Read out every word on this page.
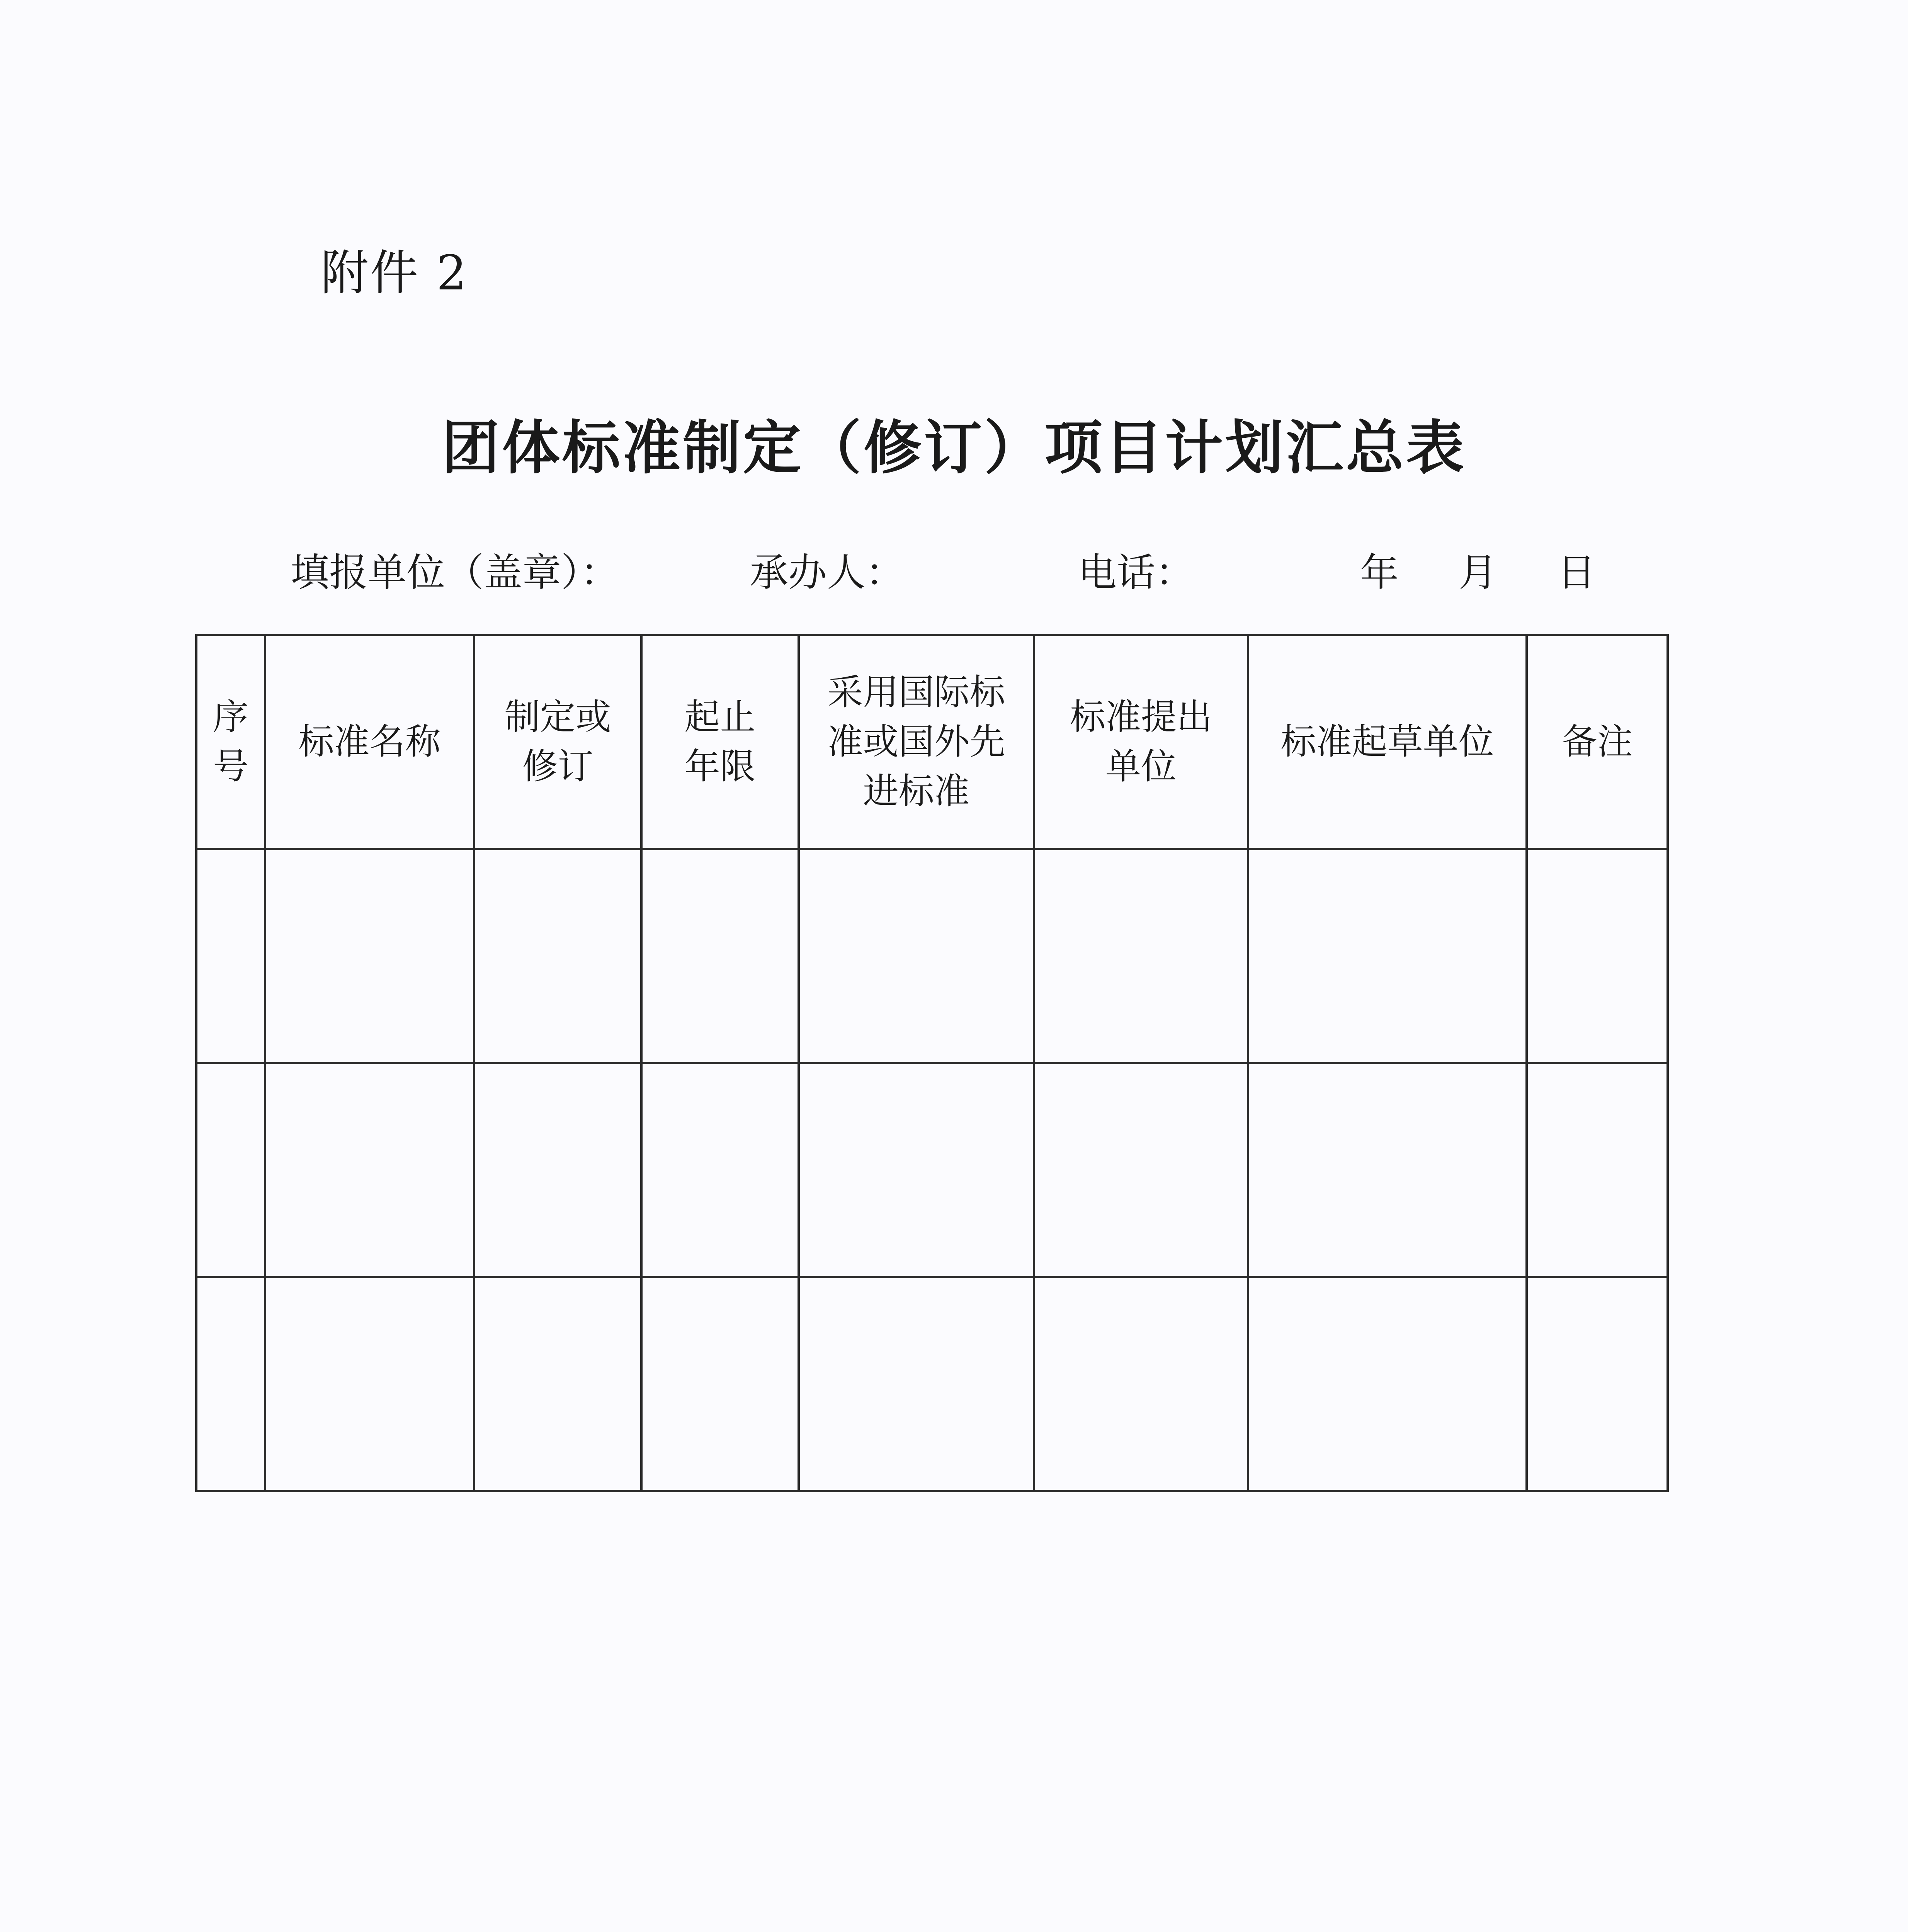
附件 2
团体标准制定（修订）项目计划汇总表
填报单位（盖章）：	承办人：	电话：	年 月 日
序号	标准名称	制定或修订	起止年限	采用国际标准或国外先进标准	标准提出单位	标准起草单位	备注
